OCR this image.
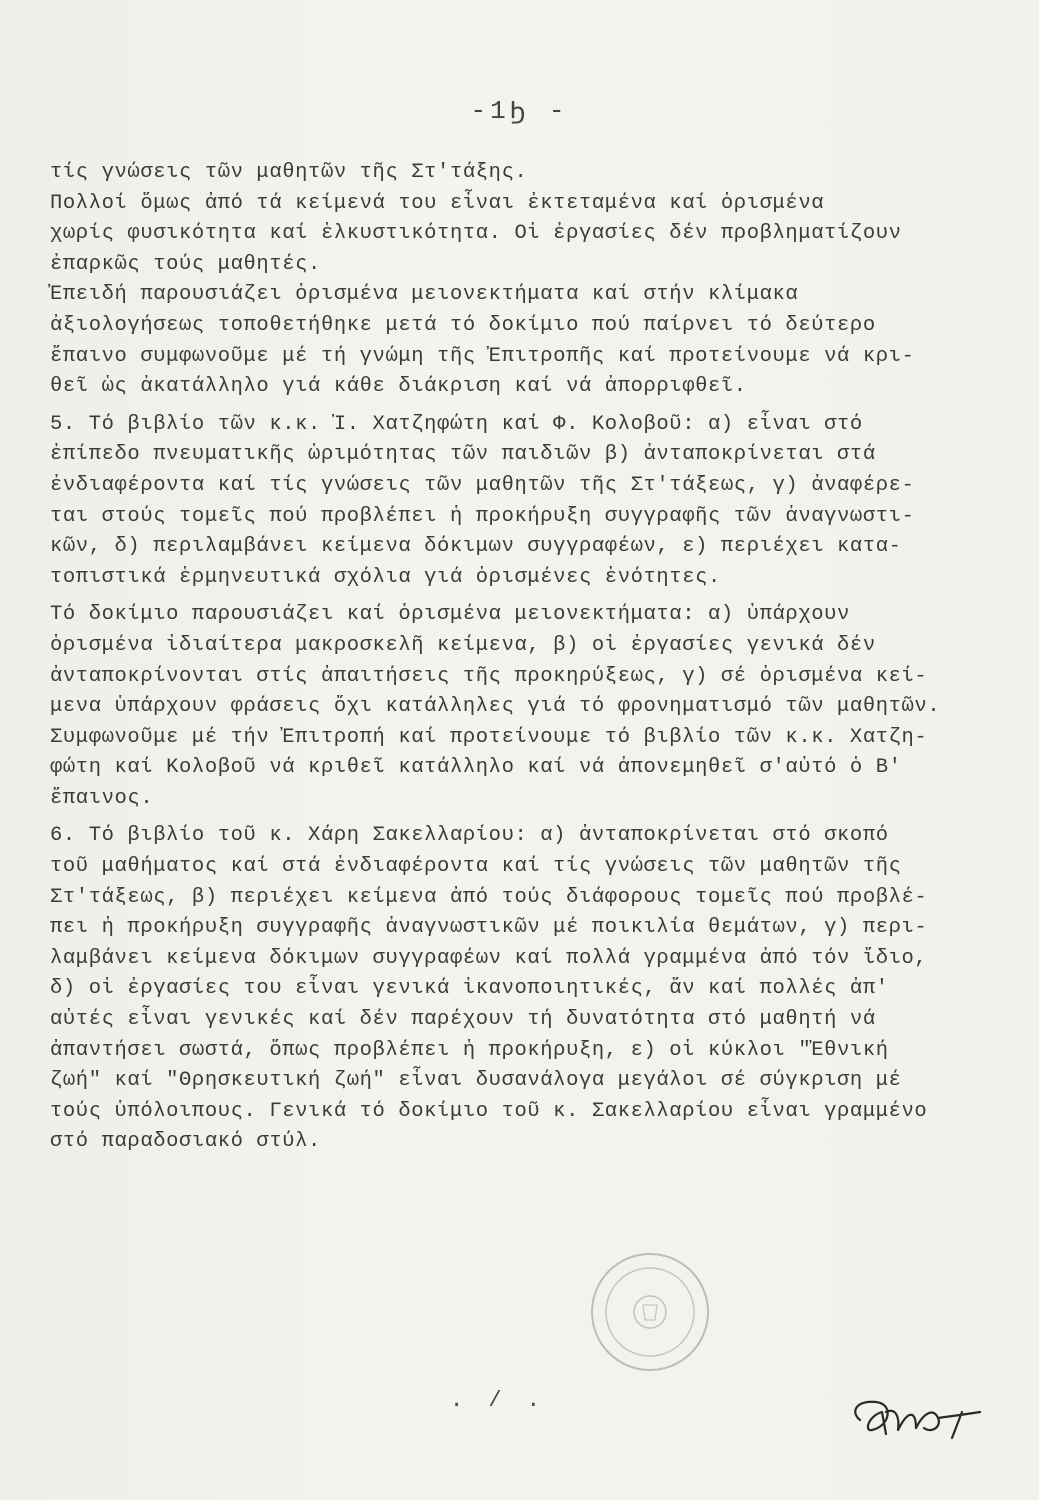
-1Ϧ -
τίς γνώσεις τῶν μαθητῶν τῆς Στ'τάξης.
Πολλοί ὅμως ἀπό τά κείμενά του εἶναι ἐκτεταμένα καί ὁρισμένα
χωρίς φυσικότητα καί ἑλκυστικότητα. Οἱ ἐργασίες δέν προβληματίζουν
ἐπαρκῶς τούς μαθητές.
Ἐπειδή παρουσιάζει ὁρισμένα μειονεκτήματα καί στήν κλίμακα
ἀξιολογήσεως τοποθετήθηκε μετά τό δοκίμιο πού παίρνει τό δεύτερο
ἔπαινο συμφωνοῦμε μέ τή γνώμη τῆς Ἐπιτροπῆς καί προτείνουμε νά κρι-
θεῖ ὡς ἀκατάλληλο γιά κάθε διάκριση καί νά ἀπορριφθεῖ.
5. Τό βιβλίο τῶν κ.κ. Ἰ. Χατζηφώτη καί Φ. Κολοβοῦ: α) εἶναι στό
ἐπίπεδο πνευματικῆς ὡριμότητας τῶν παιδιῶν β) ἀνταποκρίνεται στά
ἐνδιαφέροντα καί τίς γνώσεις τῶν μαθητῶν τῆς Στ'τάξεως, γ) ἀναφέρε-
ται στούς τομεῖς πού προβλέπει ἡ προκήρυξη συγγραφῆς τῶν ἀναγνωστι-
κῶν, δ) περιλαμβάνει κείμενα δόκιμων συγγραφέων, ε) περιέχει κατα-
τοπιστικά ἑρμηνευτικά σχόλια γιά ὁρισμένες ἑνότητες.
Τό δοκίμιο παρουσιάζει καί ὁρισμένα μειονεκτήματα: α) ὑπάρχουν
ὁρισμένα ἰδιαίτερα μακροσκελῆ κείμενα, β) οἱ ἐργασίες γενικά δέν
ἀνταποκρίνονται στίς ἀπαιτήσεις τῆς προκηρύξεως, γ) σέ ὁρισμένα κεί-
μενα ὑπάρχουν φράσεις ὄχι κατάλληλες γιά τό φρονηματισμό τῶν μαθητῶν.
Συμφωνοῦμε μέ τήν Ἐπιτροπή καί προτείνουμε τό βιβλίο τῶν κ.κ. Χατζη-
φώτη καί Κολοβοῦ νά κριθεῖ κατάλληλο καί νά ἀπονεμηθεῖ σ'αὐτό ὁ Β'
ἔπαινος.
6. Τό βιβλίο τοῦ κ. Χάρη Σακελλαρίου: α) ἀνταποκρίνεται στό σκοπό
τοῦ μαθήματος καί στά ἐνδιαφέροντα καί τίς γνώσεις τῶν μαθητῶν τῆς
Στ'τάξεως, β) περιέχει κείμενα ἀπό τούς διάφορους τομεῖς πού προβλέ-
πει ἡ προκήρυξη συγγραφῆς ἀναγνωστικῶν μέ ποικιλία θεμάτων, γ) περι-
λαμβάνει κείμενα δόκιμων συγγραφέων καί πολλά γραμμένα ἀπό τόν ἴδιο,
δ) οἱ ἐργασίες του εἶναι γενικά ἱκανοποιητικές, ἄν καί πολλές ἀπ'
αὐτές εἶναι γενικές καί δέν παρέχουν τή δυνατότητα στό μαθητή νά
ἀπαντήσει σωστά, ὅπως προβλέπει ἡ προκήρυξη, ε) οἱ κύκλοι "Ἐθνική
ζωή" καί "Θρησκευτική ζωή" εἶναι δυσανάλογα μεγάλοι σέ σύγκριση μέ
τούς ὑπόλοιπους. Γενικά τό δοκίμιο τοῦ κ. Σακελλαρίου εἶναι γραμμένο
στό παραδοσιακό στύλ.
. / .
